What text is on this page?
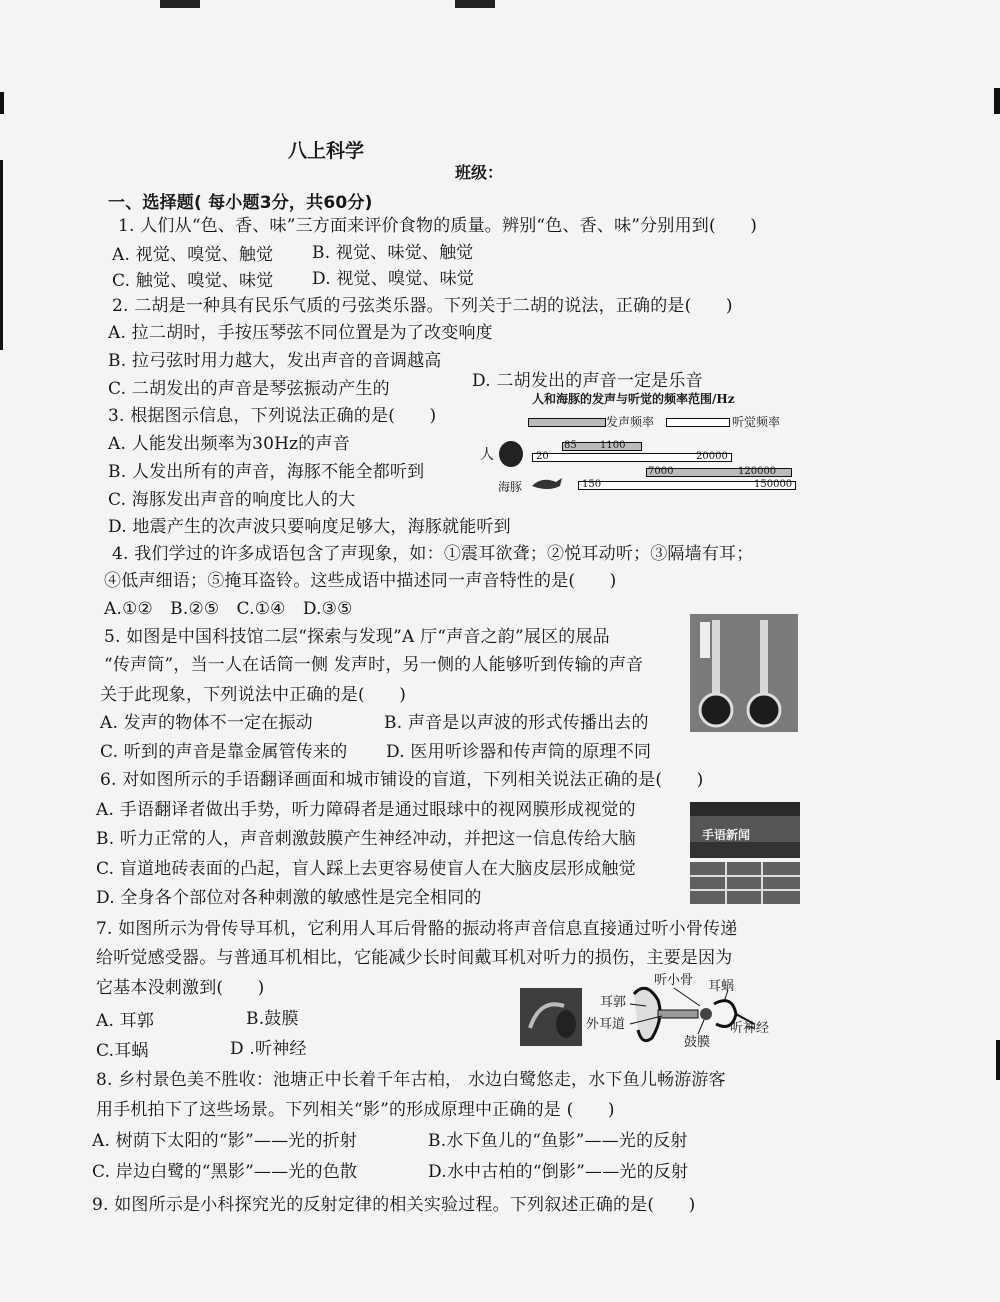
八上科学
班级：
一、选择题( 每小题3分，共60分)
1. 人们从“色、香、味”三方面来评价食物的质量。辨别“色、香、味”分别用到(　　)
A. 视觉、嗅觉、触觉 B. 视觉、味觉、触觉
C. 触觉、嗅觉、味觉 D. 视觉、嗅觉、味觉
2. 二胡是一种具有民乐气质的弓弦类乐器。下列关于二胡的说法，正确的是(　　)
A. 拉二胡时，手按压琴弦不同位置是为了改变响度
B. 拉弓弦时用力越大，发出声音的音调越高
C. 二胡发出的声音是琴弦振动产生的	D. 二胡发出的声音一定是乐音
3. 根据图示信息，下列说法正确的是(　　)
A. 人能发出频率为30Hz的声音
B. 人发出所有的声音，海豚不能全都听到
C. 海豚发出声音的响度比人的大
D. 地震产生的次声波只要响度足够大，海豚就能听到
人和海豚的发声与听觉的频率范围/Hz
发声频率	听觉频率
人
85 1100
20	20000
海豚
7000	120000
150	150000
4. 我们学过的许多成语包含了声现象，如：①震耳欲聋；②悦耳动听；③隔墙有耳；
④低声细语；⑤掩耳盗铃。这些成语中描述同一声音特性的是(　　)
A.①②　B.②⑤　C.①④　D.③⑤
5. 如图是中国科技馆二层“探索与发现”A 厅“声音之韵”展区的展品
“传声筒”，当一人在话筒一侧 发声时，另一侧的人能够听到传输的声音
关于此现象，下列说法中正确的是(　　)
A. 发声的物体不一定在振动	B. 声音是以声波的形式传播出去的
C. 听到的声音是靠金属管传来的 D. 医用听诊器和传声筒的原理不同
6. 对如图所示的手语翻译画面和城市铺设的盲道，下列相关说法正确的是(　　)
A. 手语翻译者做出手势，听力障碍者是通过眼球中的视网膜形成视觉的
B. 听力正常的人，声音刺激鼓膜产生神经冲动，并把这一信息传给大脑
C. 盲道地砖表面的凸起，盲人踩上去更容易使盲人在大脑皮层形成触觉
D. 全身各个部位对各种刺激的敏感性是完全相同的
手语新闻
7. 如图所示为骨传导耳机，它利用人耳后骨骼的振动将声音信息直接通过听小骨传递
给听觉感受器。与普通耳机相比，它能减少长时间戴耳机对听力的损伤，主要是因为
它基本没刺激到(　　)
A. 耳郭	B.鼓膜
C.耳蜗	D .听神经
听小骨 耳蜗
耳郭
外耳道	听神经
鼓膜
8. 乡村景色美不胜收：池塘正中长着千年古柏， 水边白鹭悠走，水下鱼儿畅游游客
用手机拍下了这些场景。下列相关“影”的形成原理中正确的是 (　　)
A. 树荫下太阳的“影”——光的折射	B.水下鱼儿的“鱼影”——光的反射
C. 岸边白鹭的“黑影”——光的色散	D.水中古柏的“倒影”——光的反射
9. 如图所示是小科探究光的反射定律的相关实验过程。下列叙述正确的是(　　)
